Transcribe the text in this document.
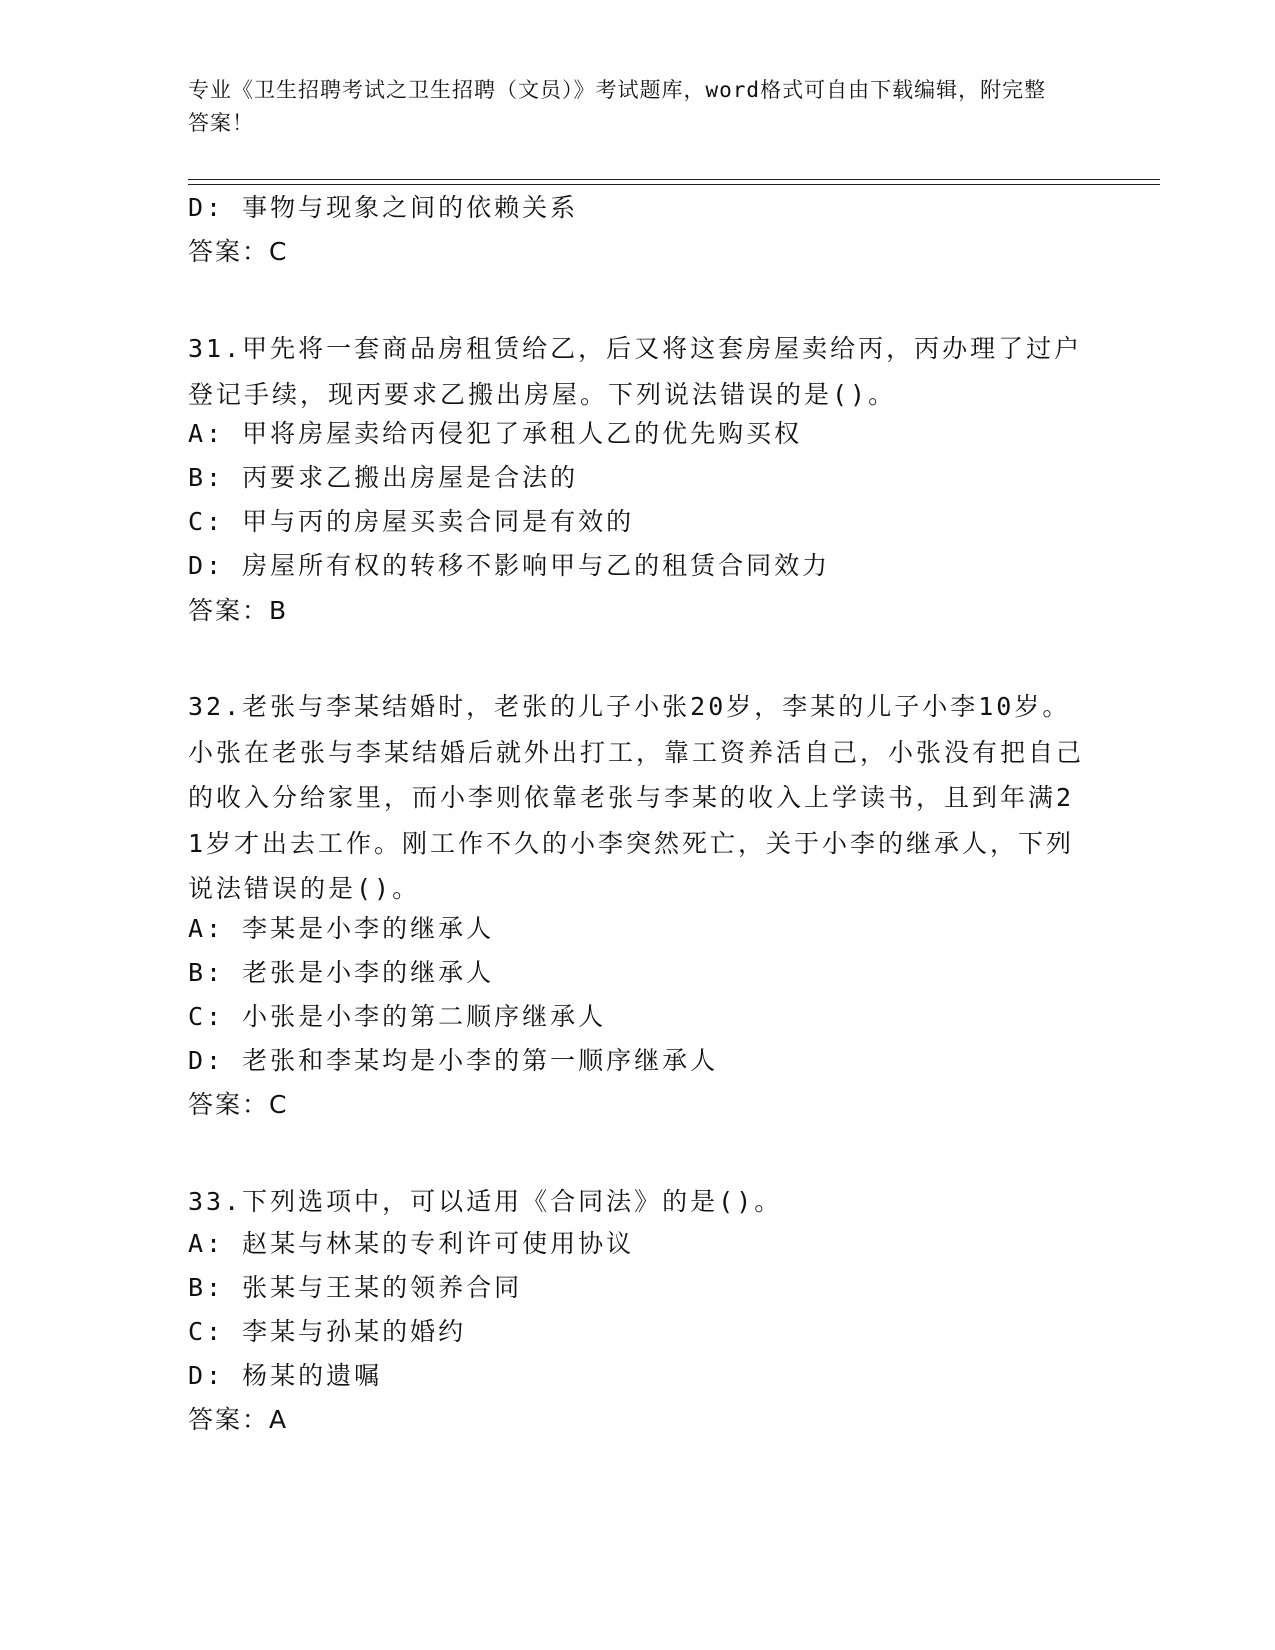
专业《卫生招聘考试之卫生招聘（文员）》考试题库，word格式可自由下载编辑，附完整答案！
D: 事物与现象之间的依赖关系
答案：C
31.甲先将一套商品房租赁给乙，后又将这套房屋卖给丙，丙办理了过户登记手续，现丙要求乙搬出房屋。下列说法错误的是()。
A: 甲将房屋卖给丙侵犯了承租人乙的优先购买权
B: 丙要求乙搬出房屋是合法的
C: 甲与丙的房屋买卖合同是有效的
D: 房屋所有权的转移不影响甲与乙的租赁合同效力
答案：B
32.老张与李某结婚时，老张的儿子小张20岁，李某的儿子小李10岁。小张在老张与李某结婚后就外出打工，靠工资养活自己，小张没有把自己的收入分给家里，而小李则依靠老张与李某的收入上学读书，且到年满21岁才出去工作。刚工作不久的小李突然死亡，关于小李的继承人，下列说法错误的是()。
A: 李某是小李的继承人
B: 老张是小李的继承人
C: 小张是小李的第二顺序继承人
D: 老张和李某均是小李的第一顺序继承人
答案：C
33.下列选项中，可以适用《合同法》的是()。
A: 赵某与林某的专利许可使用协议
B: 张某与王某的领养合同
C: 李某与孙某的婚约
D: 杨某的遗嘱
答案：A
